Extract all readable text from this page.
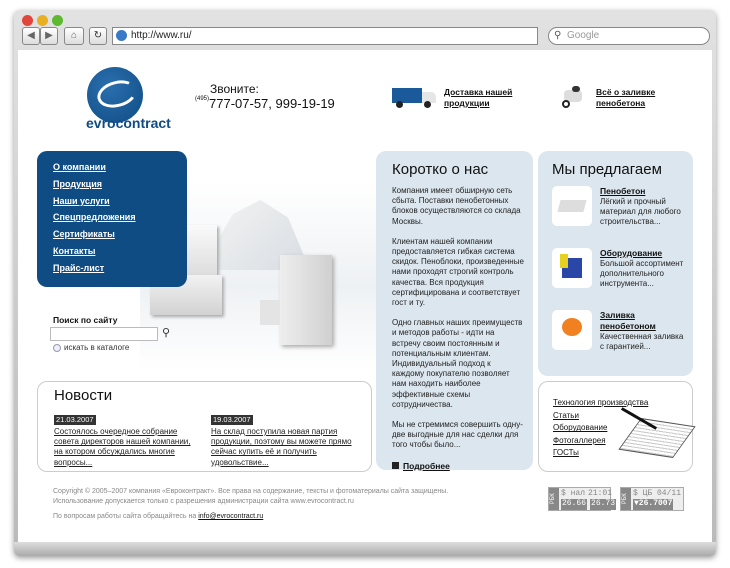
◀	▶	⌂	↻	http://www.ru/	⚲ Google
evrocontract
Звоните:
$^{(495)}$777-07-57, 999-19-19
Доставка нашей
продукции
Всё о заливке
пенобетона
О компании
Продукция
Наши услуги
Спецпредложения
Сертификаты
Контакты
Прайс-лист
Поиск по сайту
⚲
искать в каталоге
Коротко о нас

Компания имеет обширную сеть сбыта. Поставки пенобетонных блоков осуществляются со склада Москвы.

Клиентам нашей компании предоставляется гибкая система скидок. Пеноблоки, произведенные нами проходят строгий контроль качества. Вся продукция сертифицирована и соответствует гост и ту.

Одно главных наших преимуществ и методов работы - идти на встречу своим постоянным и потенциальным клиентам. Индивидуальный подход к каждому покупателю позволяет нам находить наиболее эффективные схемы сотрудничества.

Мы не стремимся совершить одну-две выгодные для нас сделки для того чтобы было...

Подробнее
Мы предлагаем
Пенобетон
Лёгкий и прочный материал для любого строительства...
Оборудование
Большой ассортимент дополнительного инструмента...
Заливка пенобетоном
Качественная заливка с гарантией...
Технология производства
Статьи
Оборудование
Фотогаллерея
ГОСТы
Новости
21.03.2007
Состоялось очередное собрание совета директоров нашей компании, на котором обсуждались многие вопросы...
19.03.2007
На склад поступила новая партия продукции, поэтому вы можете прямо сейчас купить её и получить удовольствие...
Copyright © 2005–2007 компания «Евроконтракт». Все права на содержание, тексты и фотоматериалы сайта защищены.
Использование допускается только с разрешения администрации сайта www.evrocontract.ru
По вопросам работы сайта обращайтесь на info@evrocontract.ru
РБК
$ нал 21:01
26.66 26.73 РБК
$ ЦБ 04/11
▼26.7007
